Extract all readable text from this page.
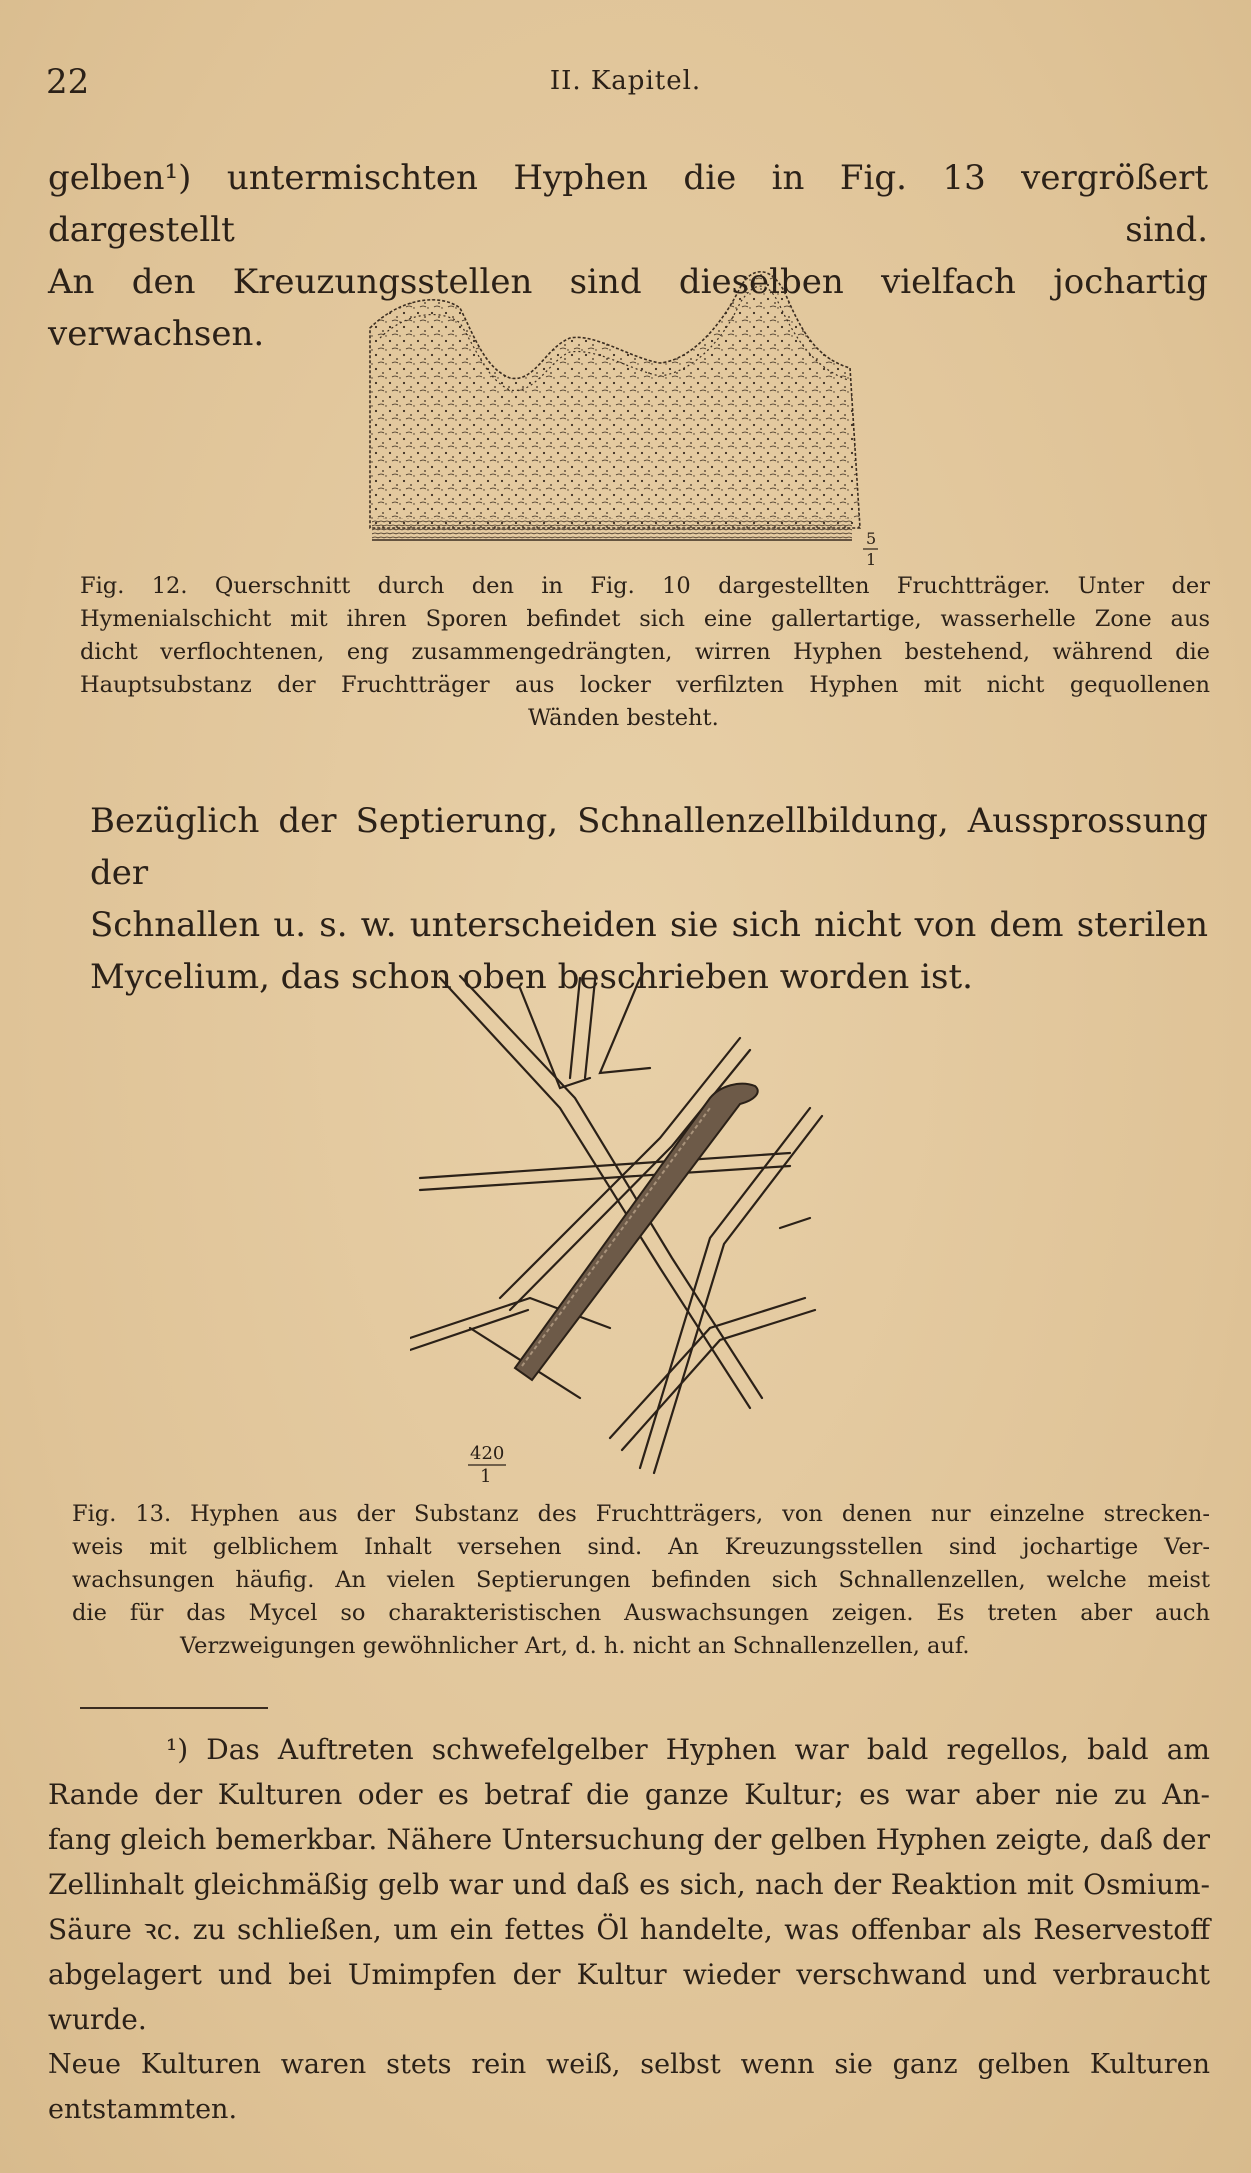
22	II. Kapitel.
gelben¹) untermischten Hyphen die in Fig. 13 vergrößert dargestellt sind.
An den Kreuzungsstellen sind dieselben vielfach jochartig verwachsen.
5
1
Fig. 12. Querschnitt durch den in Fig. 10 dargestellten Fruchtträger. Unter der
Hymenialschicht mit ihren Sporen befindet sich eine gallertartige, wasserhelle Zone aus
dicht verflochtenen, eng zusammengedrängten, wirren Hyphen bestehend, während die
Hauptsubstanz der Fruchtträger aus locker verfilzten Hyphen mit nicht gequollenen
Wänden besteht.
Bezüglich der Septierung, Schnallenzellbildung, Aussprossung der
Schnallen u. s. w. unterscheiden sie sich nicht von dem sterilen
Mycelium, das schon oben beschrieben worden ist.
420
1
Fig. 13. Hyphen aus der Substanz des Fruchtträgers, von denen nur einzelne strecken-
weis mit gelblichem Inhalt versehen sind. An Kreuzungsstellen sind jochartige Ver-
wachsungen häufig. An vielen Septierungen befinden sich Schnallenzellen, welche meist
die für das Mycel so charakteristischen Auswachsungen zeigen. Es treten aber auch
Verzweigungen gewöhnlicher Art, d. h. nicht an Schnallenzellen, auf.
¹) Das Auftreten schwefelgelber Hyphen war bald regellos, bald am
Rande der Kulturen oder es betraf die ganze Kultur; es war aber nie zu An-
fang gleich bemerkbar. Nähere Untersuchung der gelben Hyphen zeigte, daß der
Zellinhalt gleichmäßig gelb war und daß es sich, nach der Reaktion mit Osmium-
Säure ꝛc. zu schließen, um ein fettes Öl handelte, was offenbar als Reservestoff
abgelagert und bei Umimpfen der Kultur wieder verschwand und verbraucht wurde.
Neue Kulturen waren stets rein weiß, selbst wenn sie ganz gelben Kulturen entstammten.
